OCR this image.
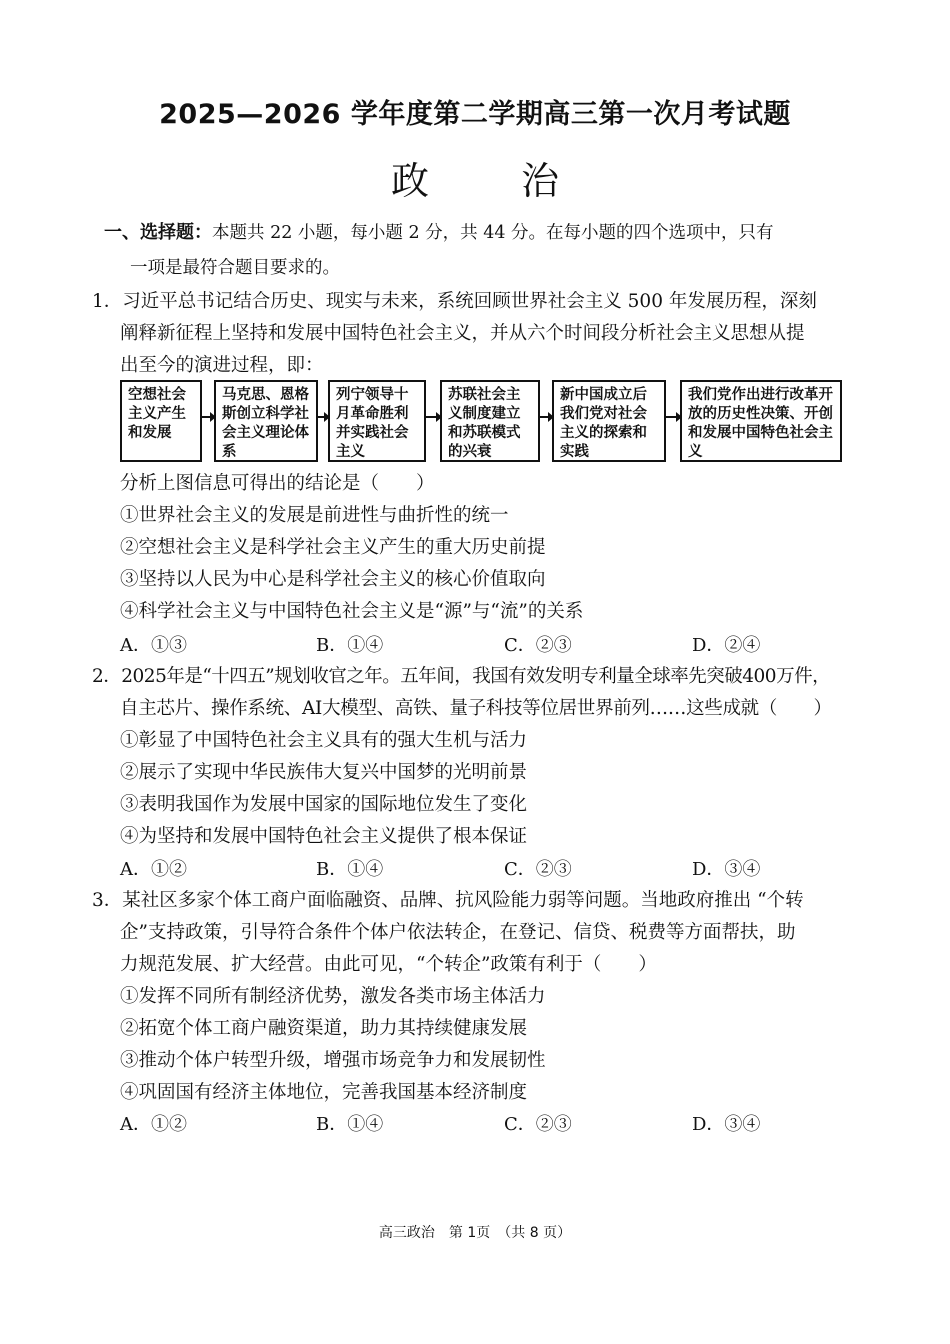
2025—2026 学年度第二学期高三第一次月考试题
政 治
一、选择题：本题共 22 小题，每小题 2 分，共 44 分。在每小题的四个选项中，只有
一项是最符合题目要求的。
1．习近平总书记结合历史、现实与未来，系统回顾世界社会主义 500 年发展历程，深刻
阐释新征程上坚持和发展中国特色社会主义，并从六个时间段分析社会主义思想从提
出至今的演进过程，即：
空想社会主义产生和发展
马克思、恩格斯创立科学社会主义理论体系
列宁领导十月革命胜利并实践社会主义
苏联社会主义制度建立和苏联模式的兴衰
新中国成立后我们党对社会主义的探索和实践
我们党作出进行改革开放的历史性决策、开创和发展中国特色社会主义
分析上图信息可得出的结论是（　　）
①世界社会主义的发展是前进性与曲折性的统一
②空想社会主义是科学社会主义产生的重大历史前提
③坚持以人民为中心是科学社会主义的核心价值取向
④科学社会主义与中国特色社会主义是“源”与“流”的关系
A．①③	B．①④	C．②③	D．②④
2．2025年是“十四五”规划收官之年。五年间，我国有效发明专利量全球率先突破400万件，
自主芯片、操作系统、AI大模型、高铁、量子科技等位居世界前列……这些成就（　　）
①彰显了中国特色社会主义具有的强大生机与活力
②展示了实现中华民族伟大复兴中国梦的光明前景
③表明我国作为发展中国家的国际地位发生了变化
④为坚持和发展中国特色社会主义提供了根本保证
A．①②	B．①④	C．②③	D．③④
3．某社区多家个体工商户面临融资、品牌、抗风险能力弱等问题。当地政府推出 “个转
企”支持政策，引导符合条件个体户依法转企，在登记、信贷、税费等方面帮扶，助
力规范发展、扩大经营。由此可见，“个转企”政策有利于（　　）
①发挥不同所有制经济优势，激发各类市场主体活力
②拓宽个体工商户融资渠道，助力其持续健康发展
③推动个体户转型升级，增强市场竞争力和发展韧性
④巩固国有经济主体地位，完善我国基本经济制度
A．①②	B．①④	C．②③	D．③④
高三政治　第 1页　（共 8 页）
